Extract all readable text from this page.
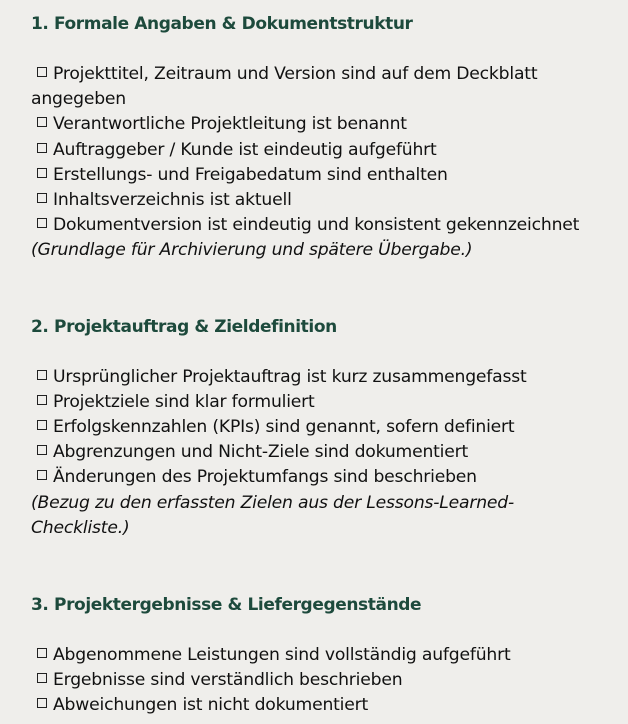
1. Formale Angaben & Dokumentstruktur
Projekttitel, Zeitraum und Version sind auf dem Deckblatt angegeben
Verantwortliche Projektleitung ist benannt
Auftraggeber / Kunde ist eindeutig aufgeführt
Erstellungs- und Freigabedatum sind enthalten
Inhaltsverzeichnis ist aktuell
Dokumentversion ist eindeutig und konsistent gekennzeichnet
(Grundlage für Archivierung und spätere Übergabe.)
2. Projektauftrag & Zieldefinition
Ursprünglicher Projektauftrag ist kurz zusammengefasst
Projektziele sind klar formuliert
Erfolgskennzahlen (KPIs) sind genannt, sofern definiert
Abgrenzungen und Nicht-Ziele sind dokumentiert
Änderungen des Projektumfangs sind beschrieben
(Bezug zu den erfassten Zielen aus der Lessons-Learned-Checkliste.)
3. Projektergebnisse & Liefergegenstände
Abgenommene Leistungen sind vollständig aufgeführt
Ergebnisse sind verständlich beschrieben
Abweichungen ist nicht dokumentiert
